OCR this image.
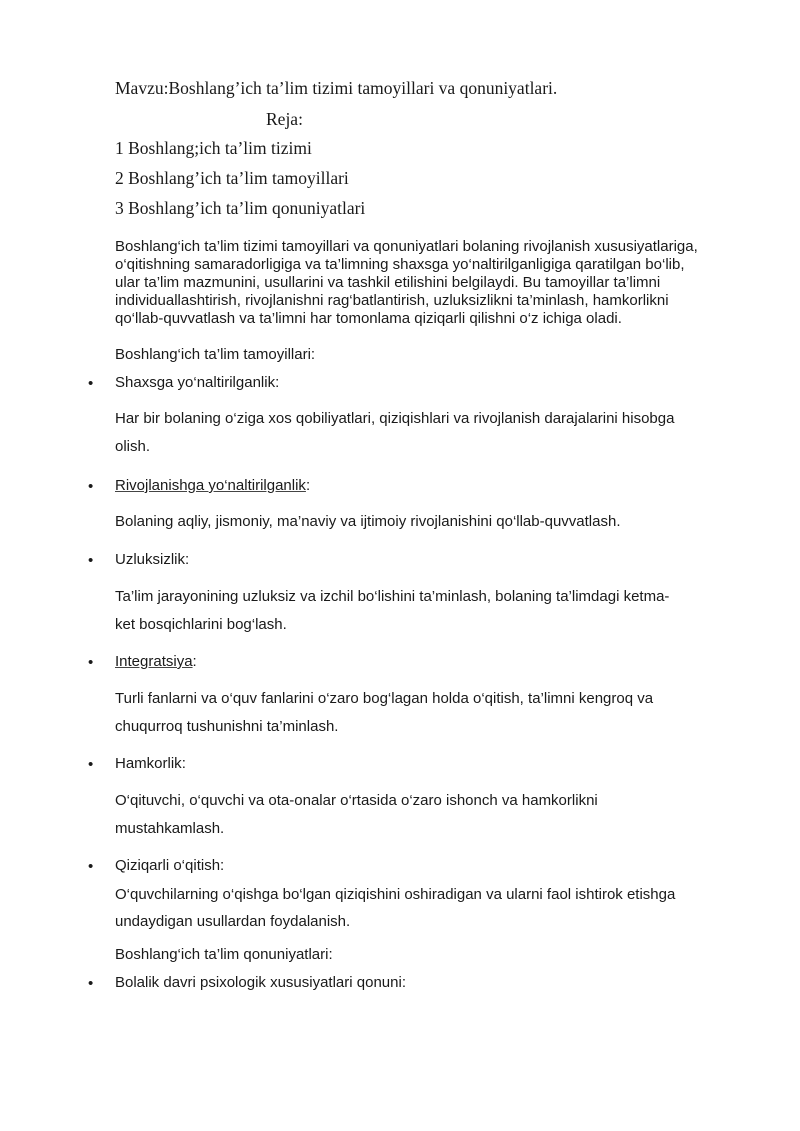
Mavzu:Boshlang’ich ta’lim tizimi tamoyillari va qonuniyatlari.
Reja:
1 Boshlang;ich ta’lim tizimi
2 Boshlang’ich ta’lim tamoyillari
3 Boshlang’ich ta’lim qonuniyatlari
Boshlang‘ich ta’lim tizimi tamoyillari va qonuniyatlari bolaning rivojlanish xususiyatlariga,
o‘qitishning samaradorligiga va ta’limning shaxsga yo‘naltirilganligiga qaratilgan bo‘lib,
ular ta’lim mazmunini, usullarini va tashkil etilishini belgilaydi. Bu tamoyillar ta’limni
individuallashtirish, rivojlanishni rag‘batlantirish, uzluksizlikni ta’minlash, hamkorlikni
qo‘llab-quvvatlash va ta’limni har tomonlama qiziqarli qilishni o‘z ichiga oladi.
Boshlang‘ich ta’lim tamoyillari:
• Shaxsga yo‘naltirilganlik:
Har bir bolaning o‘ziga xos qobiliyatlari, qiziqishlari va rivojlanish darajalarini hisobga
olish.
• Rivojlanishga yo‘naltirilganlik:
Bolaning aqliy, jismoniy, ma’naviy va ijtimoiy rivojlanishini qo‘llab-quvvatlash.
• Uzluksizlik:
Ta’lim jarayonining uzluksiz va izchil bo‘lishini ta’minlash, bolaning ta’limdagi ketma-
ket bosqichlarini bog‘lash.
• Integratsiya:
Turli fanlarni va o‘quv fanlarini o‘zaro bog‘lagan holda o‘qitish, ta’limni kengroq va
chuqurroq tushunishni ta’minlash.
• Hamkorlik:
O‘qituvchi, o‘quvchi va ota-onalar o‘rtasida o‘zaro ishonch va hamkorlikni
mustahkamlash.
• Qiziqarli o‘qitish:
O‘quvchilarning o‘qishga bo‘lgan qiziqishini oshiradigan va ularni faol ishtirok etishga
undaydigan usullardan foydalanish.
Boshlang‘ich ta’lim qonuniyatlari:
• Bolalik davri psixologik xususiyatlari qonuni:
